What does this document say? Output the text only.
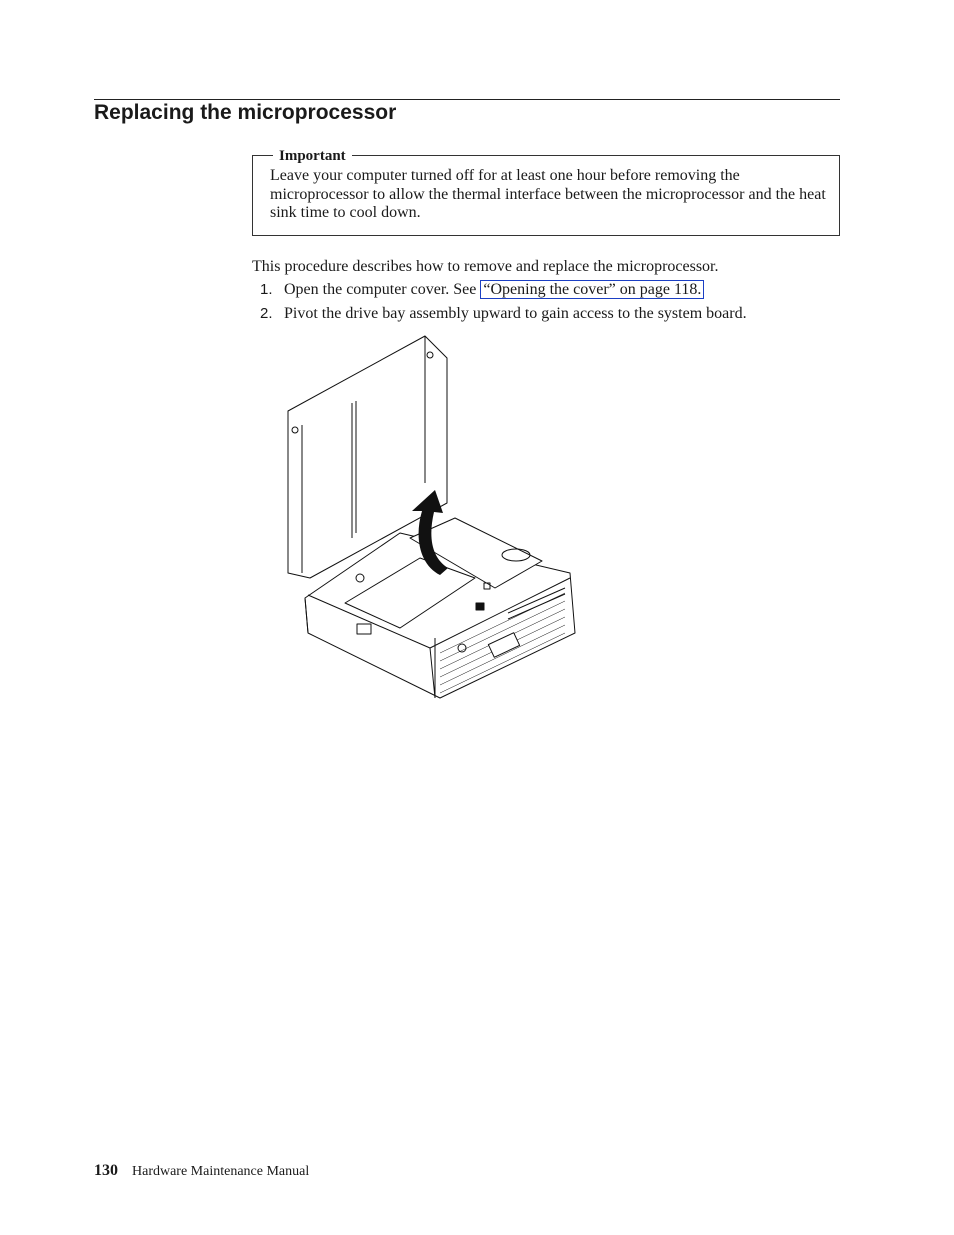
Replacing the microprocessor
Important

Leave your computer turned off for at least one hour before removing the microprocessor to allow the thermal interface between the microprocessor and the heat sink time to cool down.

This procedure describes how to remove and replace the microprocessor.

1. Open the computer cover. See “Opening the cover” on page 118.
2. Pivot the drive bay assembly upward to gain access to the system board.
130 Hardware Maintenance Manual
